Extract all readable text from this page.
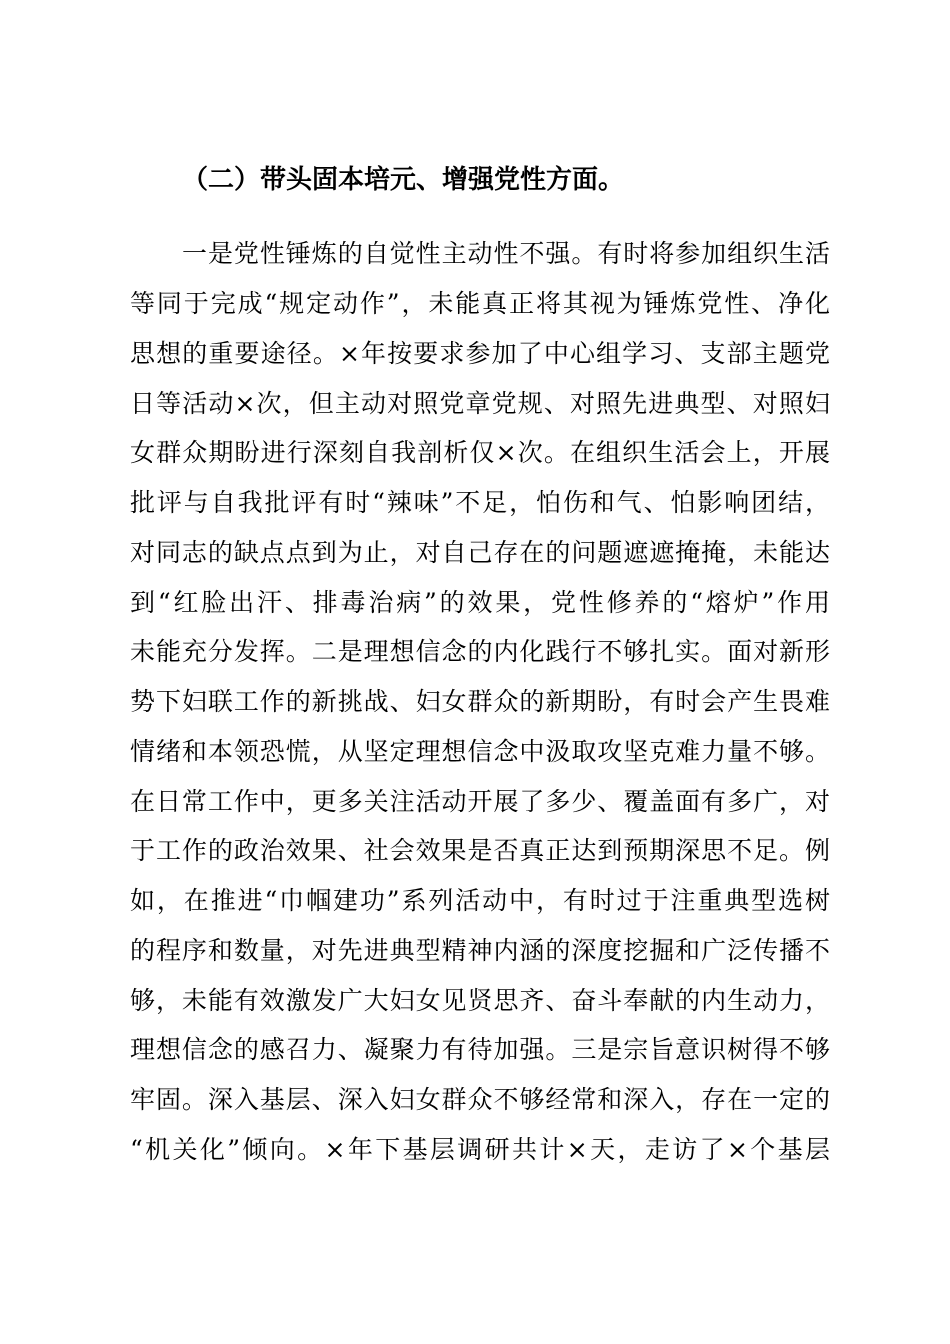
（二）带头固本培元、增强党性方面。
一是党性锤炼的自觉性主动性不强。有时将参加组织生活
等同于完成“规定动作”，未能真正将其视为锤炼党性、净化
思想的重要途径。×年按要求参加了中心组学习、支部主题党
日等活动×次，但主动对照党章党规、对照先进典型、对照妇
女群众期盼进行深刻自我剖析仅×次。在组织生活会上，开展
批评与自我批评有时“辣味”不足，怕伤和气、怕影响团结，
对同志的缺点点到为止，对自己存在的问题遮遮掩掩，未能达
到“红脸出汗、排毒治病”的效果，党性修养的“熔炉”作用
未能充分发挥。二是理想信念的内化践行不够扎实。面对新形
势下妇联工作的新挑战、妇女群众的新期盼，有时会产生畏难
情绪和本领恐慌，从坚定理想信念中汲取攻坚克难力量不够。
在日常工作中，更多关注活动开展了多少、覆盖面有多广，对
于工作的政治效果、社会效果是否真正达到预期深思不足。例
如，在推进“巾帼建功”系列活动中，有时过于注重典型选树
的程序和数量，对先进典型精神内涵的深度挖掘和广泛传播不
够，未能有效激发广大妇女见贤思齐、奋斗奉献的内生动力，
理想信念的感召力、凝聚力有待加强。三是宗旨意识树得不够
牢固。深入基层、深入妇女群众不够经常和深入，存在一定的
“机关化”倾向。×年下基层调研共计×天，走访了×个基层
